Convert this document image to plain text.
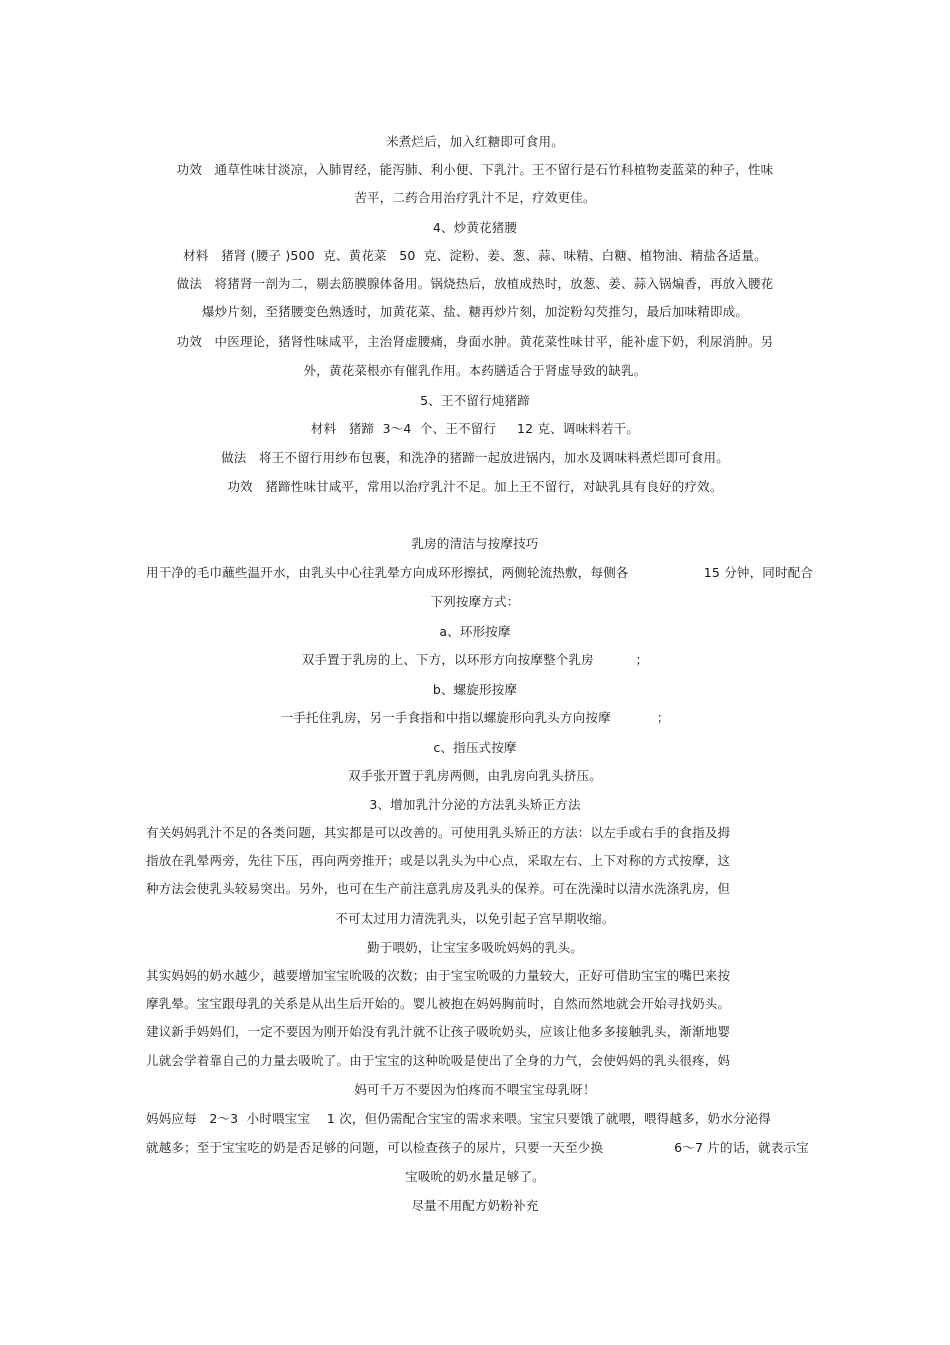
米煮烂后，加入红糖即可食用。
功效   通草性味甘淡凉，入肺胃经，能泻肺、利小便、下乳汁。王不留行是石竹科植物麦蓝菜的种子，性味
苦平，二药合用治疗乳汁不足，疗效更佳。
4、炒黄花猪腰
材料   猪肾 (腰子 )500  克、黄花菜   50  克、淀粉、姜、葱、蒜、味精、白糖、植物油、精盐各适量。
做法   将猪肾一剖为二，剔去筋膜腺体备用。锅烧热后，放植成热时，放葱、姜、蒜入锅煸香，再放入腰花
爆炒片刻，至猪腰变色熟透时，加黄花菜、盐、糖再炒片刻，加淀粉勾芡推匀，最后加味精即成。
功效   中医理论，猪肾性味咸平，主治肾虚腰痛，身面水肿。黄花菜性味甘平，能补虚下奶，利尿消肿。另
外，黄花菜根亦有催乳作用。本药膳适合于肾虚导致的缺乳。
5、王不留行炖猪蹄
材料   猪蹄  3～4  个、王不留行     12 克、调味料若干。
做法   将王不留行用纱布包裹，和洗净的猪蹄一起放进锅内，加水及调味料煮烂即可食用。
功效   猪蹄性味甘咸平，常用以治疗乳汁不足。加上王不留行，对缺乳具有良好的疗效。
乳房的清洁与按摩技巧
用干净的毛巾蘸些温开水，由乳头中心往乳晕方向成环形擦拭，两侧轮流热敷，每侧各                  15 分钟，同时配合
下列按摩方式：
a、环形按摩
双手置于乳房的上、下方，以环形方向按摩整个乳房          ；
b、螺旋形按摩
一手托住乳房，另一手食指和中指以螺旋形向乳头方向按摩           ；
c、指压式按摩
双手张开置于乳房两侧，由乳房向乳头挤压。
3、增加乳汁分泌的方法乳头矫正方法
有关妈妈乳汁不足的各类问题，其实都是可以改善的。可使用乳头矫正的方法：以左手或右手的食指及拇
指放在乳晕两旁，先往下压，再向两旁推开；或是以乳头为中心点，采取左右、上下对称的方式按摩，这
种方法会使乳头较易突出。另外，也可在生产前注意乳房及乳头的保养。可在洗澡时以清水洗涤乳房，但
不可太过用力清洗乳头，以免引起子宫早期收缩。
勤于喂奶，让宝宝多吸吮妈妈的乳头。
其实妈妈的奶水越少，越要增加宝宝吮吸的次数；由于宝宝吮吸的力量较大，正好可借助宝宝的嘴巴来按
摩乳晕。宝宝跟母乳的关系是从出生后开始的。婴儿被抱在妈妈胸前时，自然而然地就会开始寻找奶头。
建议新手妈妈们，一定不要因为刚开始没有乳汁就不让孩子吸吮奶头，应该让他多多接触乳头，渐渐地婴
儿就会学着靠自己的力量去吸吮了。由于宝宝的这种吮吸是使出了全身的力气，会使妈妈的乳头很疼，妈
妈可千万不要因为怕疼而不喂宝宝母乳呀！
妈妈应每   2～3  小时喂宝宝    1 次，但仍需配合宝宝的需求来喂。宝宝只要饿了就喂，喂得越多，奶水分泌得
就越多；至于宝宝吃的奶是否足够的问题，可以检查孩子的尿片，只要一天至少换                 6～7 片的话，就表示宝
宝吸吮的奶水量足够了。
尽量不用配方奶粉补充
